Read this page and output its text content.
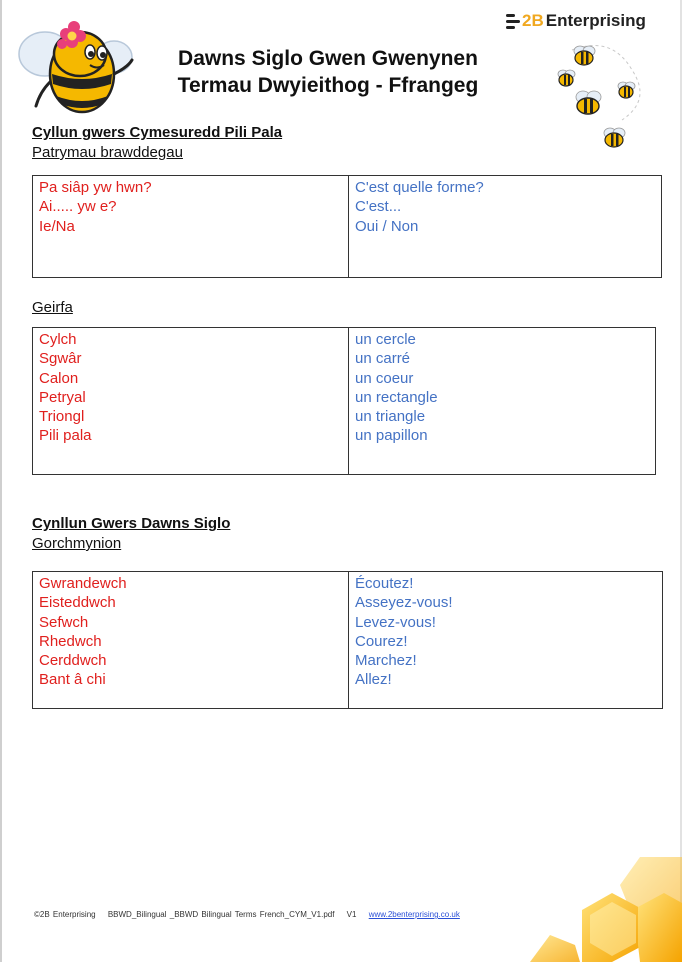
2B Enterprising
Dawns Siglo Gwen Gwenynen
Termau Dwyieithog - Ffrangeg
Cyllun gwers Cymesuredd Pili Pala
Patrymau brawddegau
Pa siâp yw hwn?
Ai..... yw e?
Ie/Na
C'est quelle forme?
C'est...
Oui / Non
Geirfa
Cylch
Sgwâr
Calon
Petryal
Triongl
Pili pala
un cercle
un carré
un coeur
un rectangle
un triangle
un papillon
Cynllun Gwers Dawns Siglo
Gorchmynion
Gwrandewch
Eisteddwch
Sefwch
Rhedwch
Cerddwch
Bant â chi
Écoutez!
Asseyez-vous!
Levez-vous!
Courez!
Marchez!
Allez!
©2B Enterprising BBWD_Bilingual _BBWD Bilingual Terms French_CYM_V1.pdf V1 www.2benterprising.co.uk
